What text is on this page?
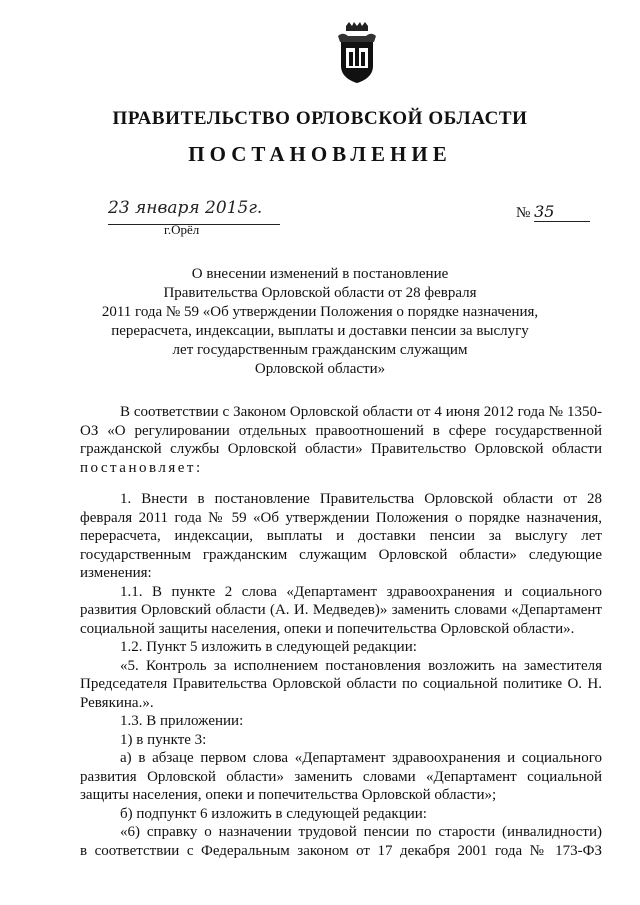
ПРАВИТЕЛЬСТВО ОРЛОВСКОЙ ОБЛАСТИ
ПОСТАНОВЛЕНИЕ
23 января 2015г.
г.Орёл
№ 35
О внесении изменений в постановление
Правительства Орловской области от 28 февраля
2011 года № 59 «Об утверждении Положения о порядке назначения,
перерасчета, индексации, выплаты и доставки пенсии за выслугу
лет государственным гражданским служащим
Орловской области»

В соответствии с Законом Орловской области от 4 июня 2012 года № 1350-ОЗ «О регулировании отдельных правоотношений в сфере государственной гражданской службы Орловской области» Правительство Орловской области постановляет:

1. Внести в постановление Правительства Орловской области от 28 февраля 2011 года № 59 «Об утверждении Положения о порядке назначения, перерасчета, индексации, выплаты и доставки пенсии за выслугу лет государственным гражданским служащим Орловской области» следующие изменения:

1.1. В пункте 2 слова «Департамент здравоохранения и социального развития Орловский области (А. И. Медведев)» заменить словами «Департамент социальной защиты населения, опеки и попечительства Орловской области».

1.2. Пункт 5 изложить в следующей редакции:

«5. Контроль за исполнением постановления возложить на заместителя Председателя Правительства Орловской области по социальной политике О. Н. Ревякина.».

1.3. В приложении:

1) в пункте 3:

а) в абзаце первом слова «Департамент здравоохранения и социального развития Орловской области» заменить словами «Департамент социальной защиты населения, опеки и попечительства Орловской области»;

б) подпункт 6 изложить в следующей редакции:

«6) справку о назначении трудовой пенсии по старости (инвалидности)

в соответствии с Федеральным законом от 17 декабря 2001 года № 173-ФЗ
